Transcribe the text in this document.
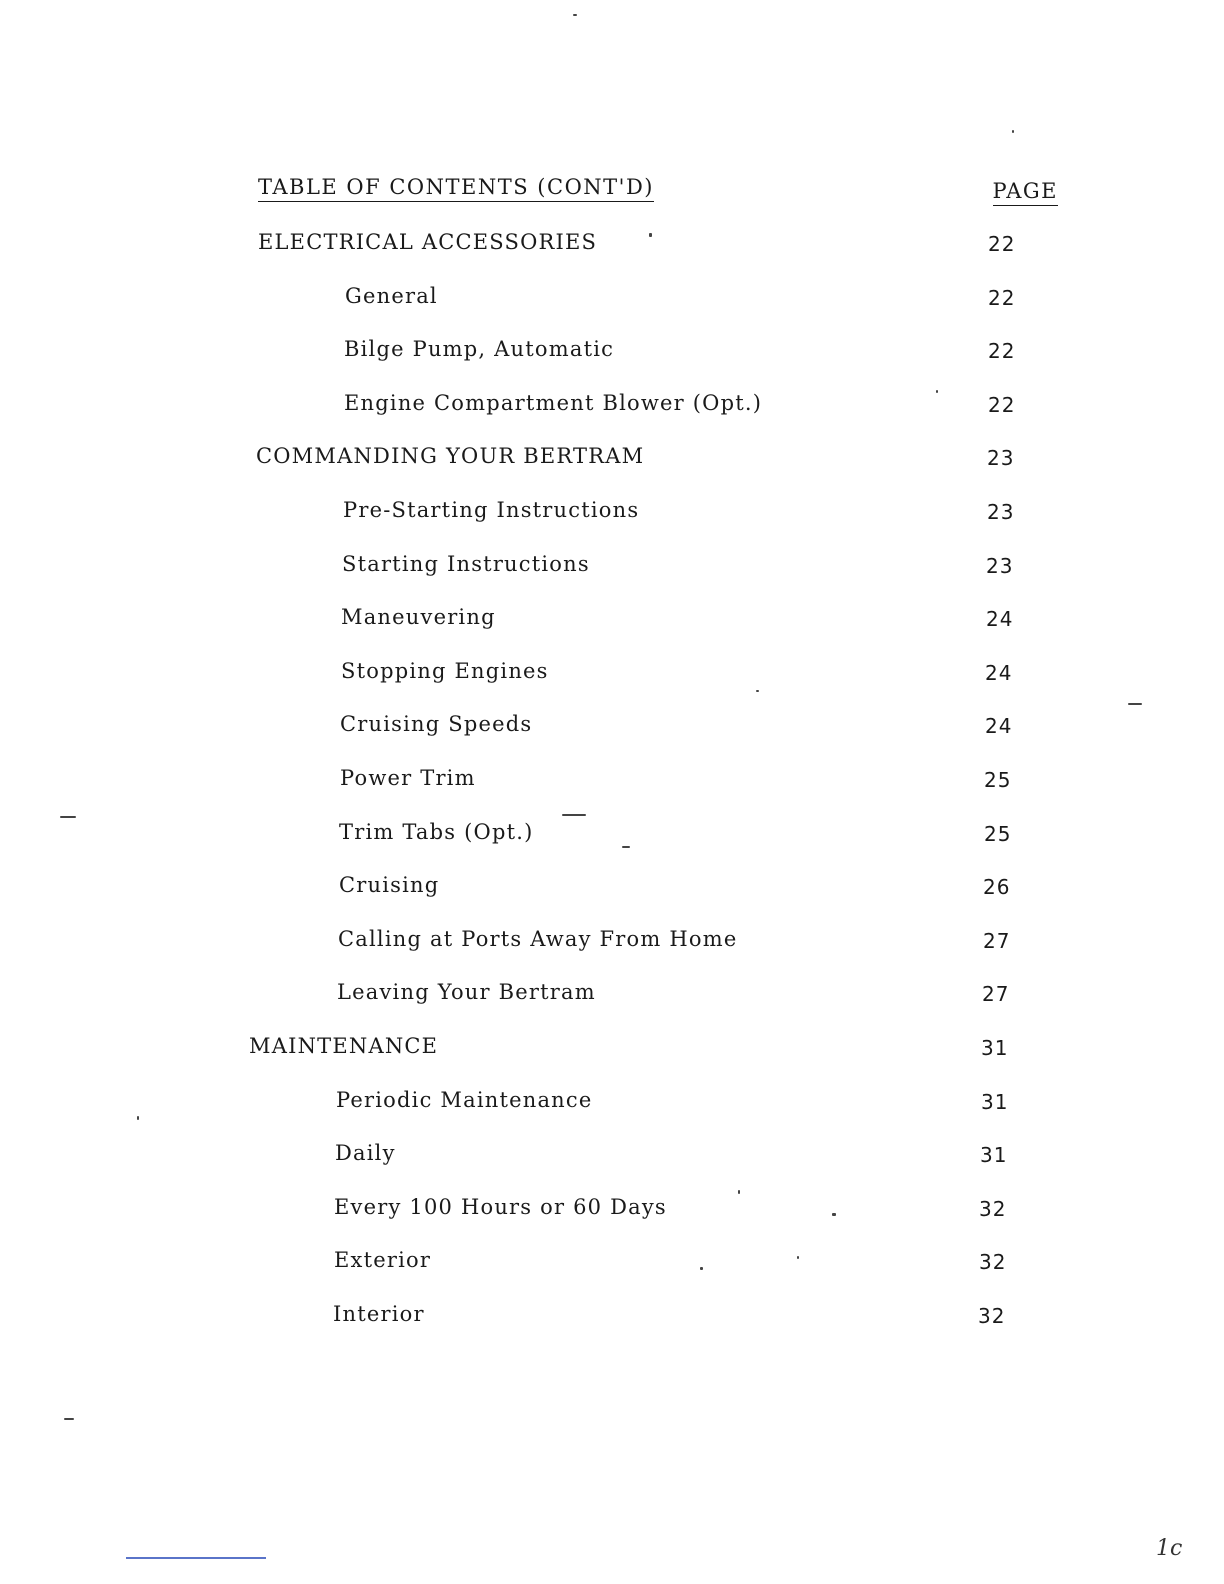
TABLE OF CONTENTS (CONT'D)	PAGE
ELECTRICAL ACCESSORIES	22
General	22
Bilge Pump, Automatic	22
Engine Compartment Blower (Opt.)	22
COMMANDING YOUR BERTRAM	23
Pre-Starting Instructions	23
Starting Instructions	23
Maneuvering	24
Stopping Engines	24
Cruising Speeds	24
Power Trim	25
Trim Tabs (Opt.)	25
Cruising	26
Calling at Ports Away From Home	27
Leaving Your Bertram	27
MAINTENANCE	31
Periodic Maintenance	31
Daily	31
Every 100 Hours or 60 Days	32
Exterior	32
Interior	32
1c
